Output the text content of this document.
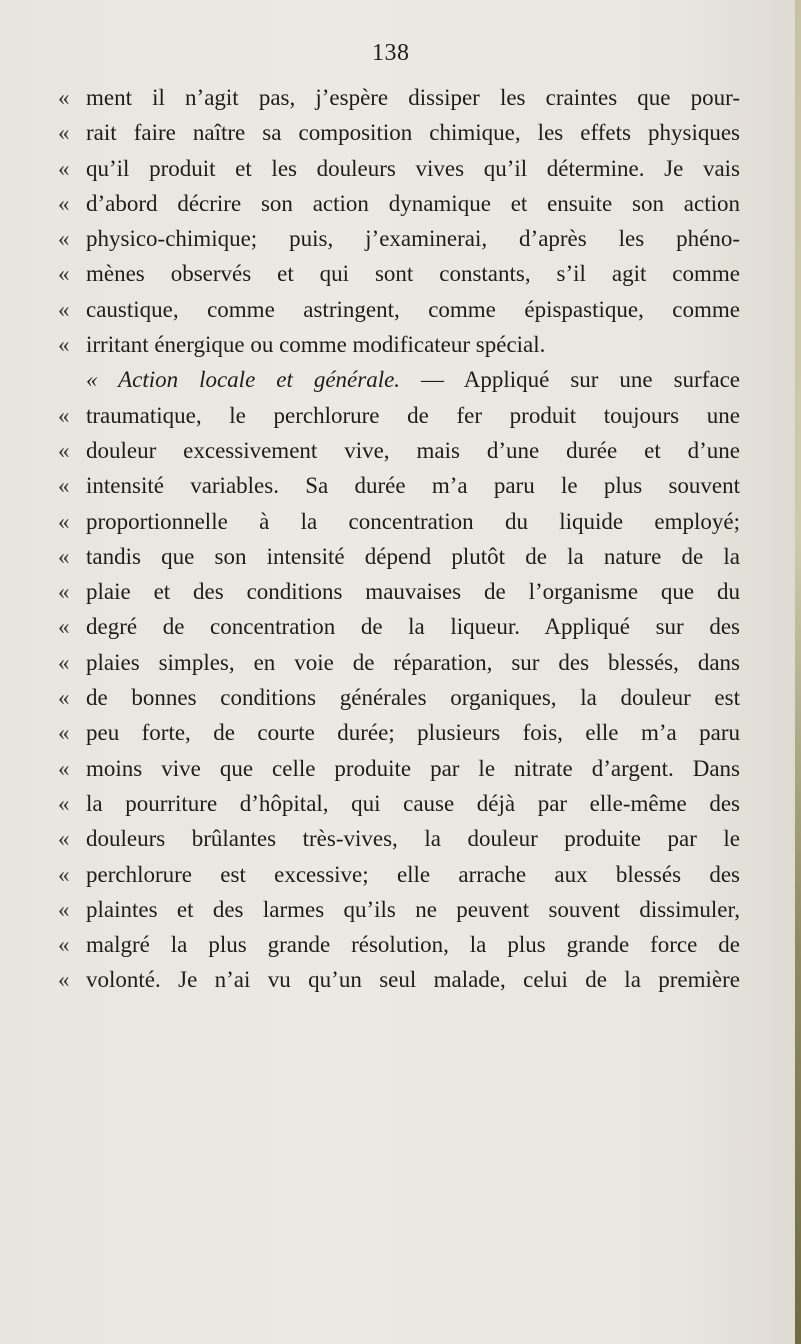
138
« ment il n’agit pas, j’espère dissiper les craintes que pour-
« rait faire naître sa composition chimique, les effets physiques
« qu’il produit et les douleurs vives qu’il détermine. Je vais
« d’abord décrire son action dynamique et ensuite son action
« physico-chimique; puis, j’examinerai, d’après les phéno-
« mènes observés et qui sont constants, s’il agit comme
« caustique, comme astringent, comme épispastique, comme
« irritant énergique ou comme modificateur spécial.
« Action locale et générale. — Appliqué sur une surface
« traumatique, le perchlorure de fer produit toujours une
« douleur excessivement vive, mais d’une durée et d’une
« intensité variables. Sa durée m’a paru le plus souvent
« proportionnelle à la concentration du liquide employé;
« tandis que son intensité dépend plutôt de la nature de la
« plaie et des conditions mauvaises de l’organisme que du
« degré de concentration de la liqueur. Appliqué sur des
« plaies simples, en voie de réparation, sur des blessés, dans
« de bonnes conditions générales organiques, la douleur est
« peu forte, de courte durée; plusieurs fois, elle m’a paru
« moins vive que celle produite par le nitrate d’argent. Dans
« la pourriture d’hôpital, qui cause déjà par elle-même des
« douleurs brûlantes très-vives, la douleur produite par le
« perchlorure est excessive; elle arrache aux blessés des
« plaintes et des larmes qu’ils ne peuvent souvent dissimuler,
« malgré la plus grande résolution, la plus grande force de
« volonté. Je n’ai vu qu’un seul malade, celui de la première
